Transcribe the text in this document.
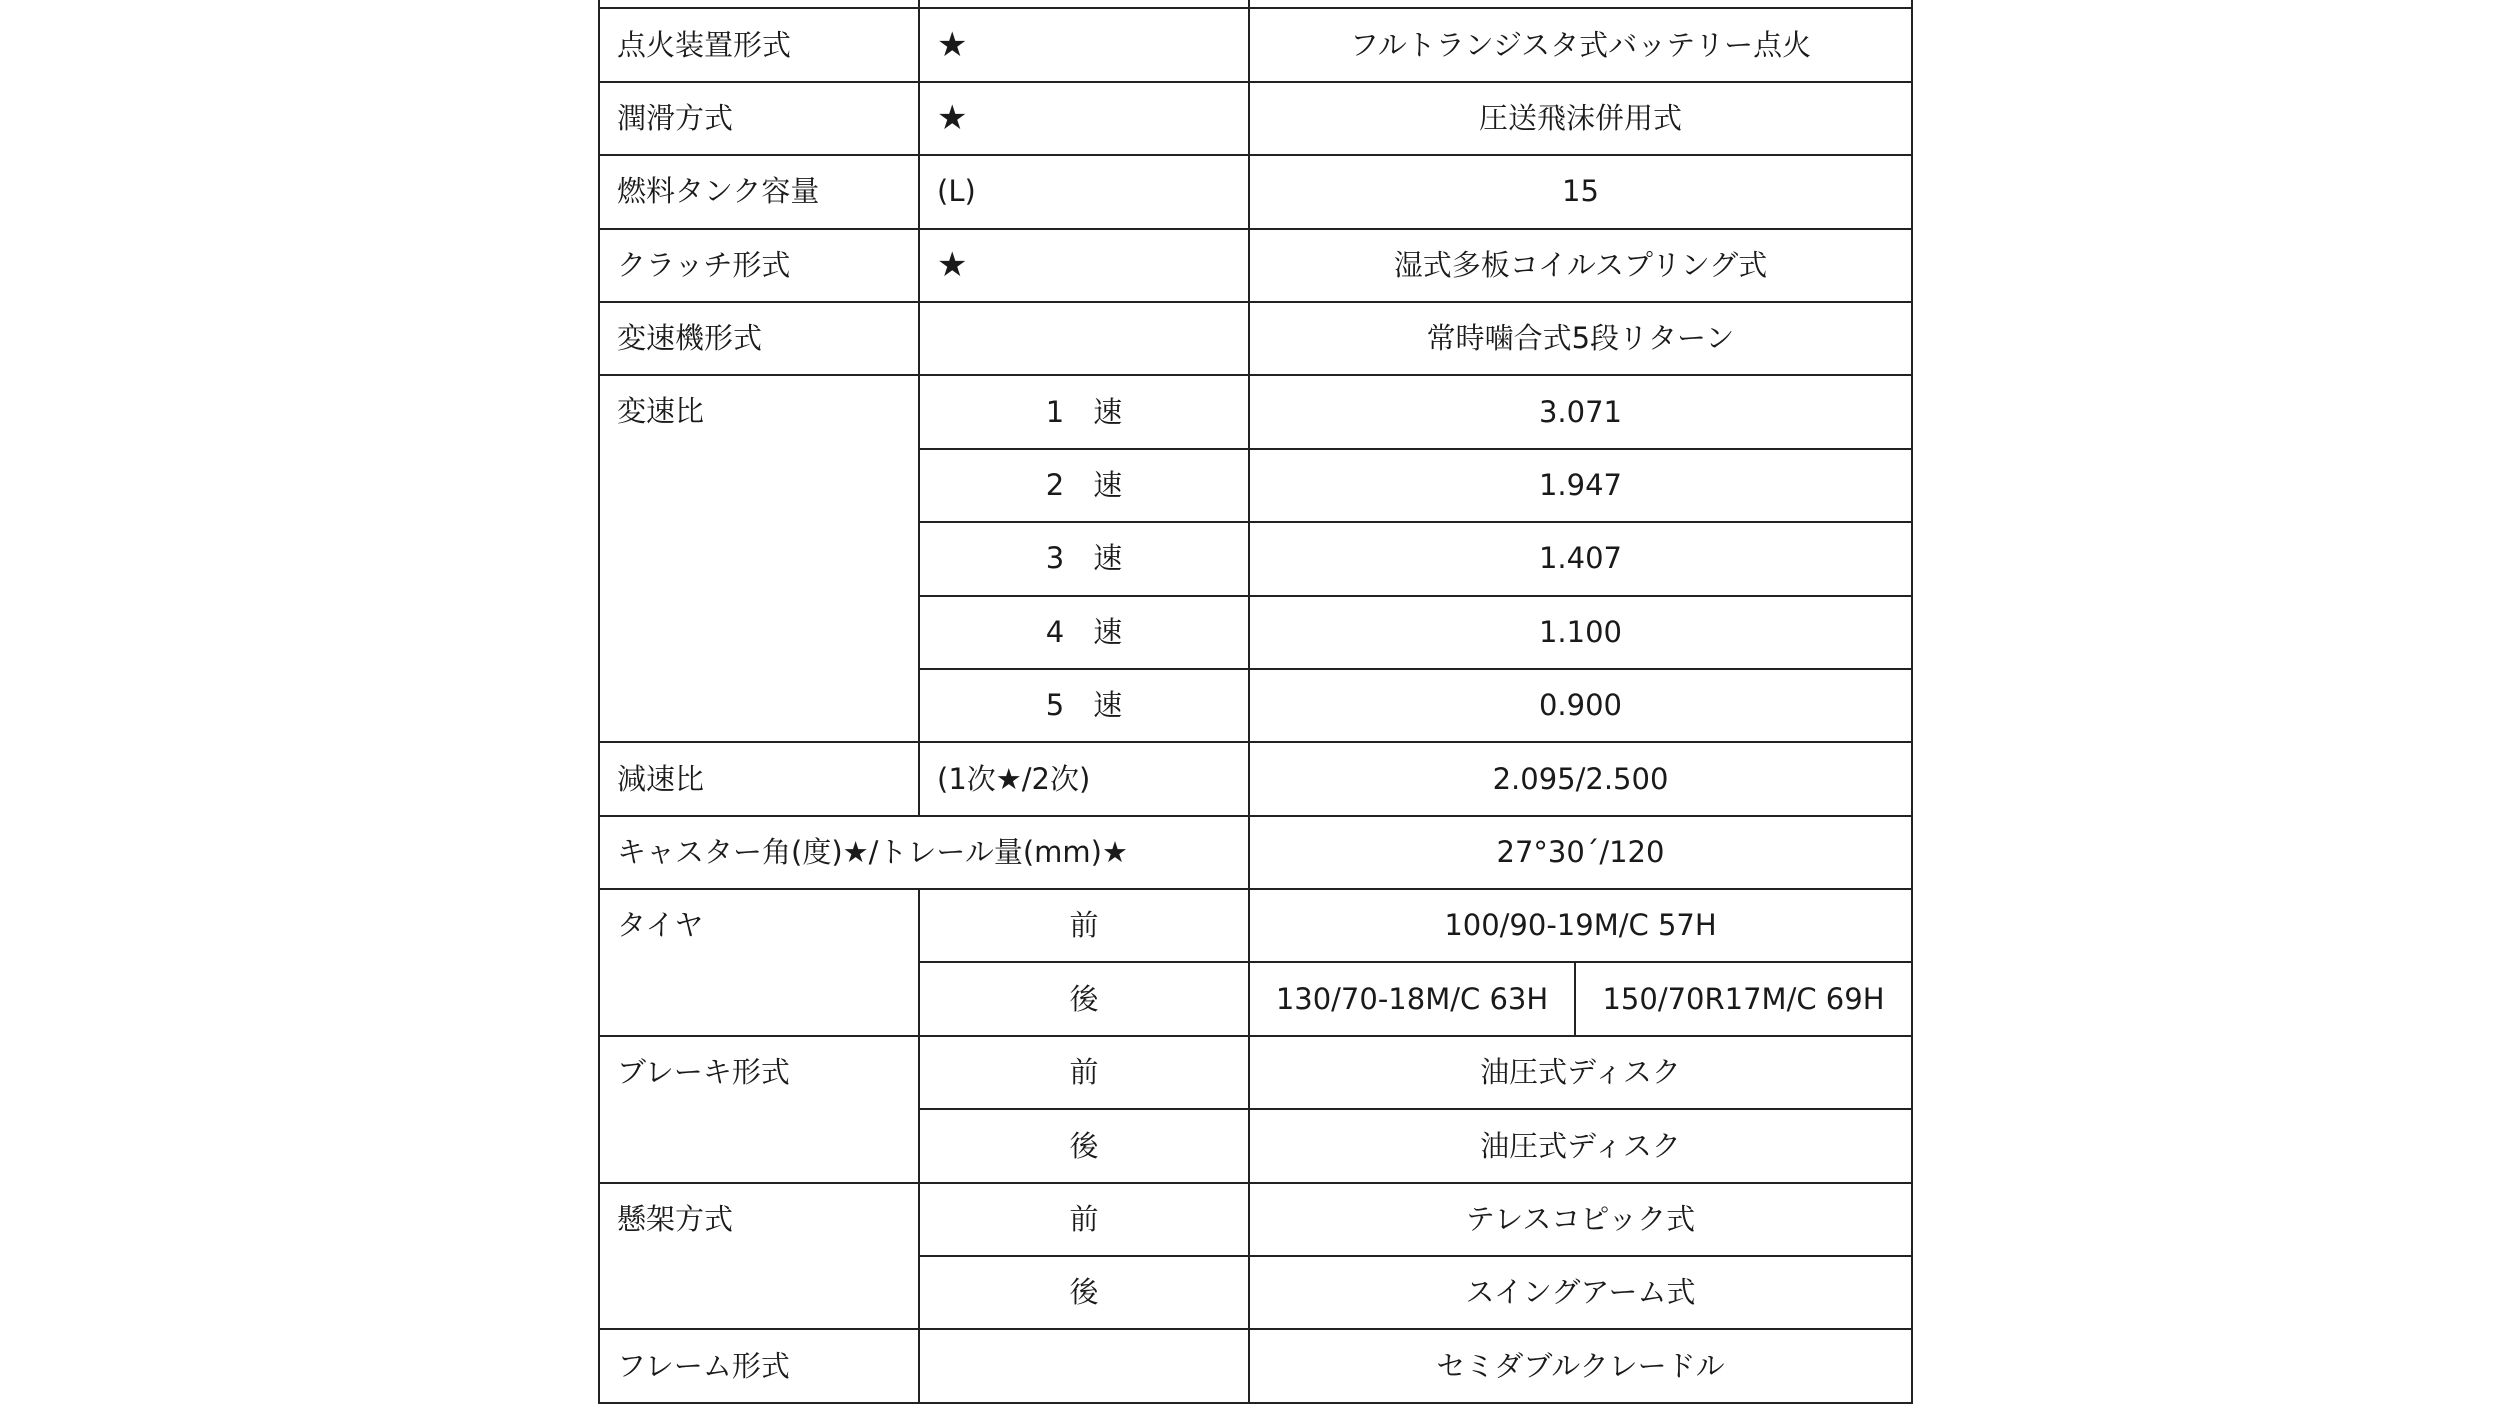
点火装置形式	★	フルトランジスタ式バッテリー点火	
潤滑方式	★	圧送飛沫併用式	
燃料タンク容量	(L)	15	
クラッチ形式	★	湿式多板コイルスプリング式	
変速機形式		常時噛合式5段リターン	
変速比	1　速	3.071	
	2　速	1.947	
	3　速	1.407	
	4　速	1.100	
	5　速	0.900	
減速比	(1次★/2次)	2.095/2.500	
キャスター角(度)★/トレール量(mm)★		27°30´/120	
タイヤ	前	100/90-19M/C 57H	
	後	130/70-18M/C 63H	150/70R17M/C 69H
ブレーキ形式	前	油圧式ディスク	
	後	油圧式ディスク	
懸架方式	前	テレスコピック式	
	後	スイングアーム式	
フレーム形式		セミダブルクレードル	
